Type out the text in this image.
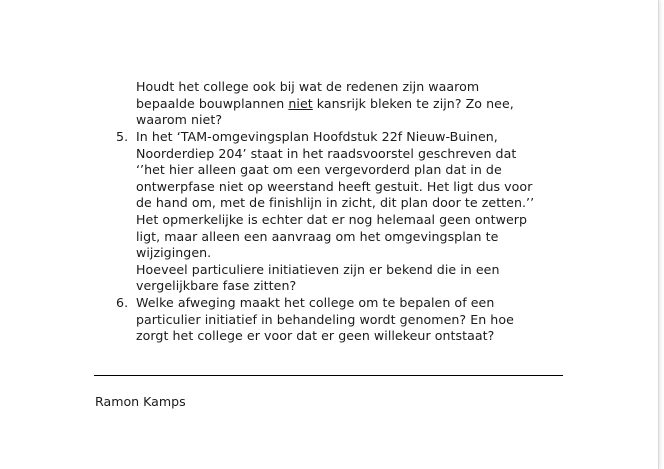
Houdt het college ook bij wat de redenen zijn waarom
bepaalde bouwplannen niet kansrijk bleken te zijn? Zo nee,
waarom niet?
5. In het ‘TAM-omgevingsplan Hoofdstuk 22f Nieuw-Buinen,
Noorderdiep 204’ staat in het raadsvoorstel geschreven dat
‘’het hier alleen gaat om een vergevorderd plan dat in de
ontwerpfase niet op weerstand heeft gestuit. Het ligt dus voor
de hand om, met de finishlijn in zicht, dit plan door te zetten.’’
Het opmerkelijke is echter dat er nog helemaal geen ontwerp
ligt, maar alleen een aanvraag om het omgevingsplan te
wijzigingen.
Hoeveel particuliere initiatieven zijn er bekend die in een
vergelijkbare fase zitten?
6. Welke afweging maakt het college om te bepalen of een
particulier initiatief in behandeling wordt genomen? En hoe
zorgt het college er voor dat er geen willekeur ontstaat?
Ramon Kamps
